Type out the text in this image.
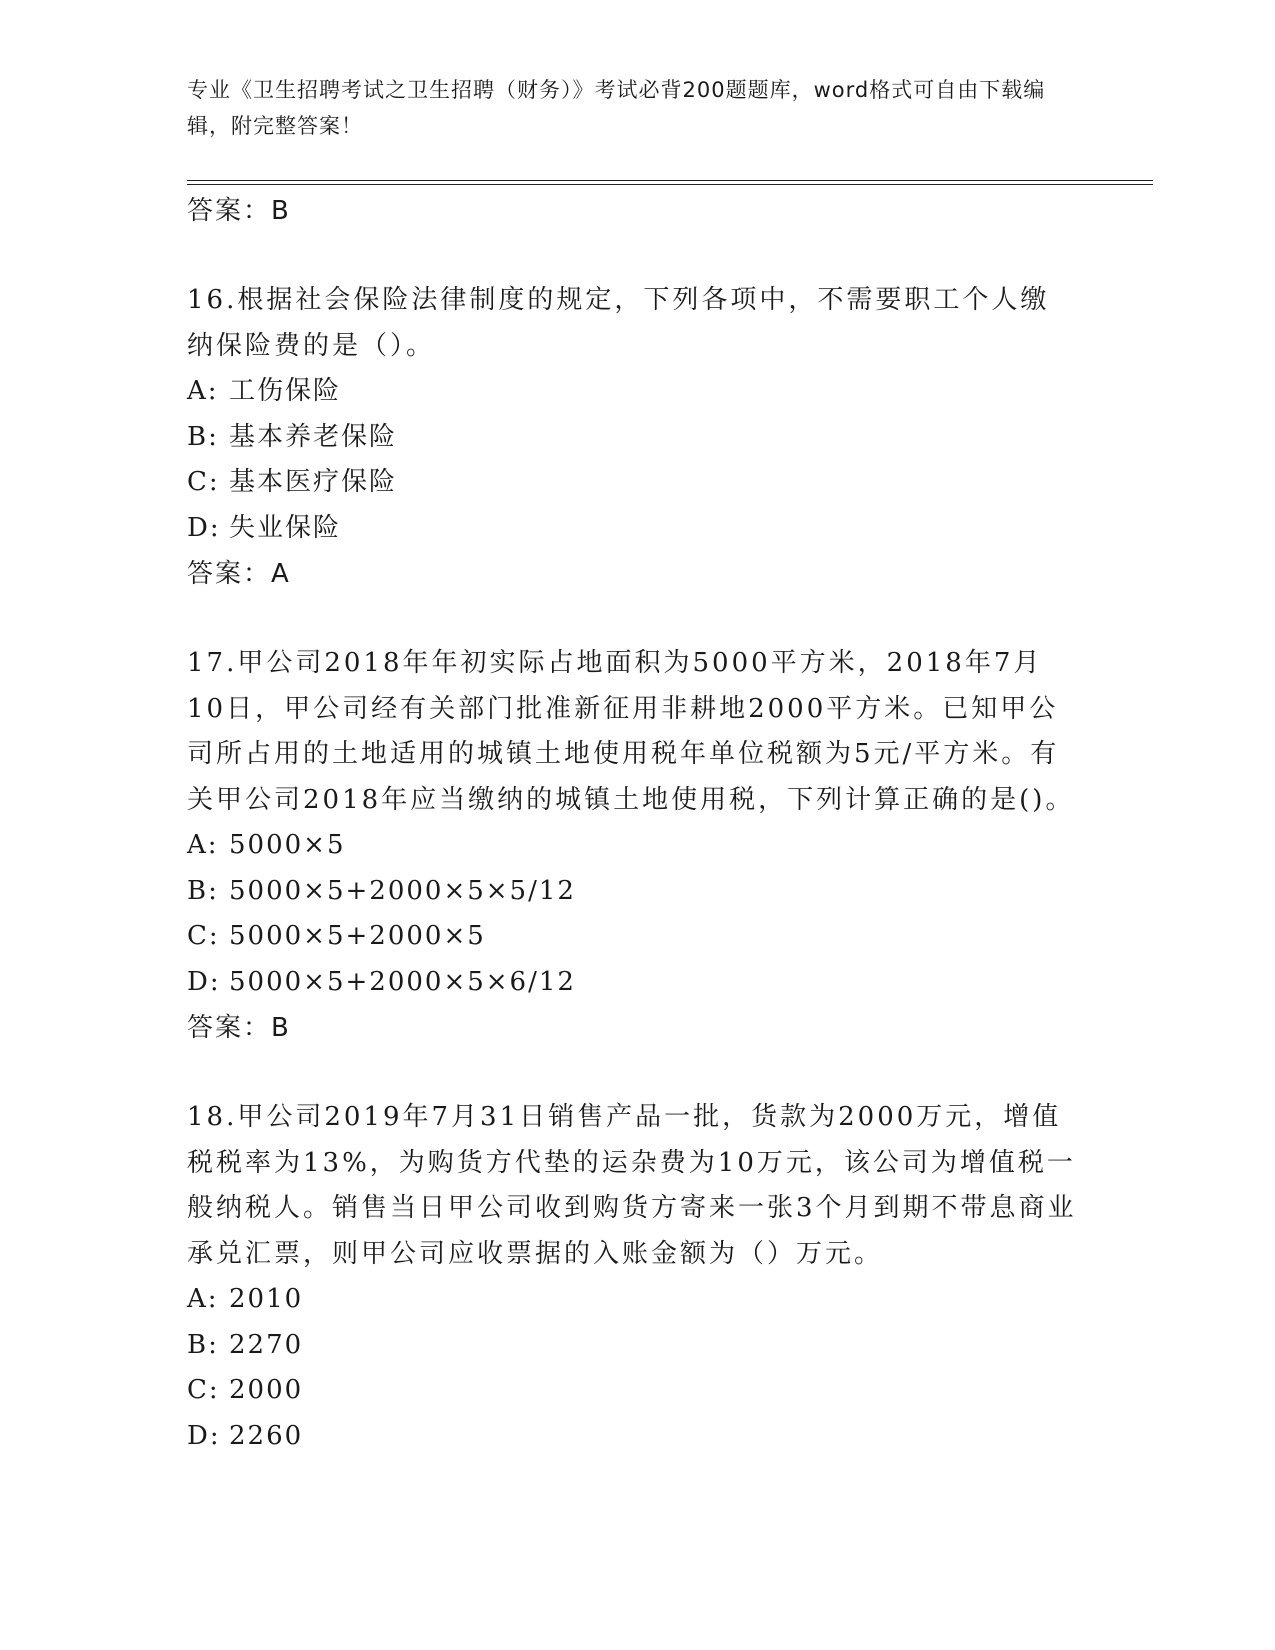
专业《卫生招聘考试之卫生招聘（财务）》考试必背200题题库，word格式可自由下载编辑，附完整答案！
答案：B
16.根据社会保险法律制度的规定，下列各项中，不需要职工个人缴纳保险费的是（）。
A: 工伤保险
B: 基本养老保险
C: 基本医疗保险
D: 失业保险
答案：A
17.甲公司2018年年初实际占地面积为5000平方米，2018年7月10日，甲公司经有关部门批准新征用非耕地2000平方米。已知甲公司所占用的土地适用的城镇土地使用税年单位税额为5元/平方米。有关甲公司2018年应当缴纳的城镇土地使用税，下列计算正确的是()。
A: 5000×5
B: 5000×5+2000×5×5/12
C: 5000×5+2000×5
D: 5000×5+2000×5×6/12
答案：B
18.甲公司2019年7月31日销售产品一批，货款为2000万元，增值税税率为13%，为购货方代垫的运杂费为10万元，该公司为增值税一般纳税人。销售当日甲公司收到购货方寄来一张3个月到期不带息商业承兑汇票，则甲公司应收票据的入账金额为（）万元。
A: 2010
B: 2270
C: 2000
D: 2260
